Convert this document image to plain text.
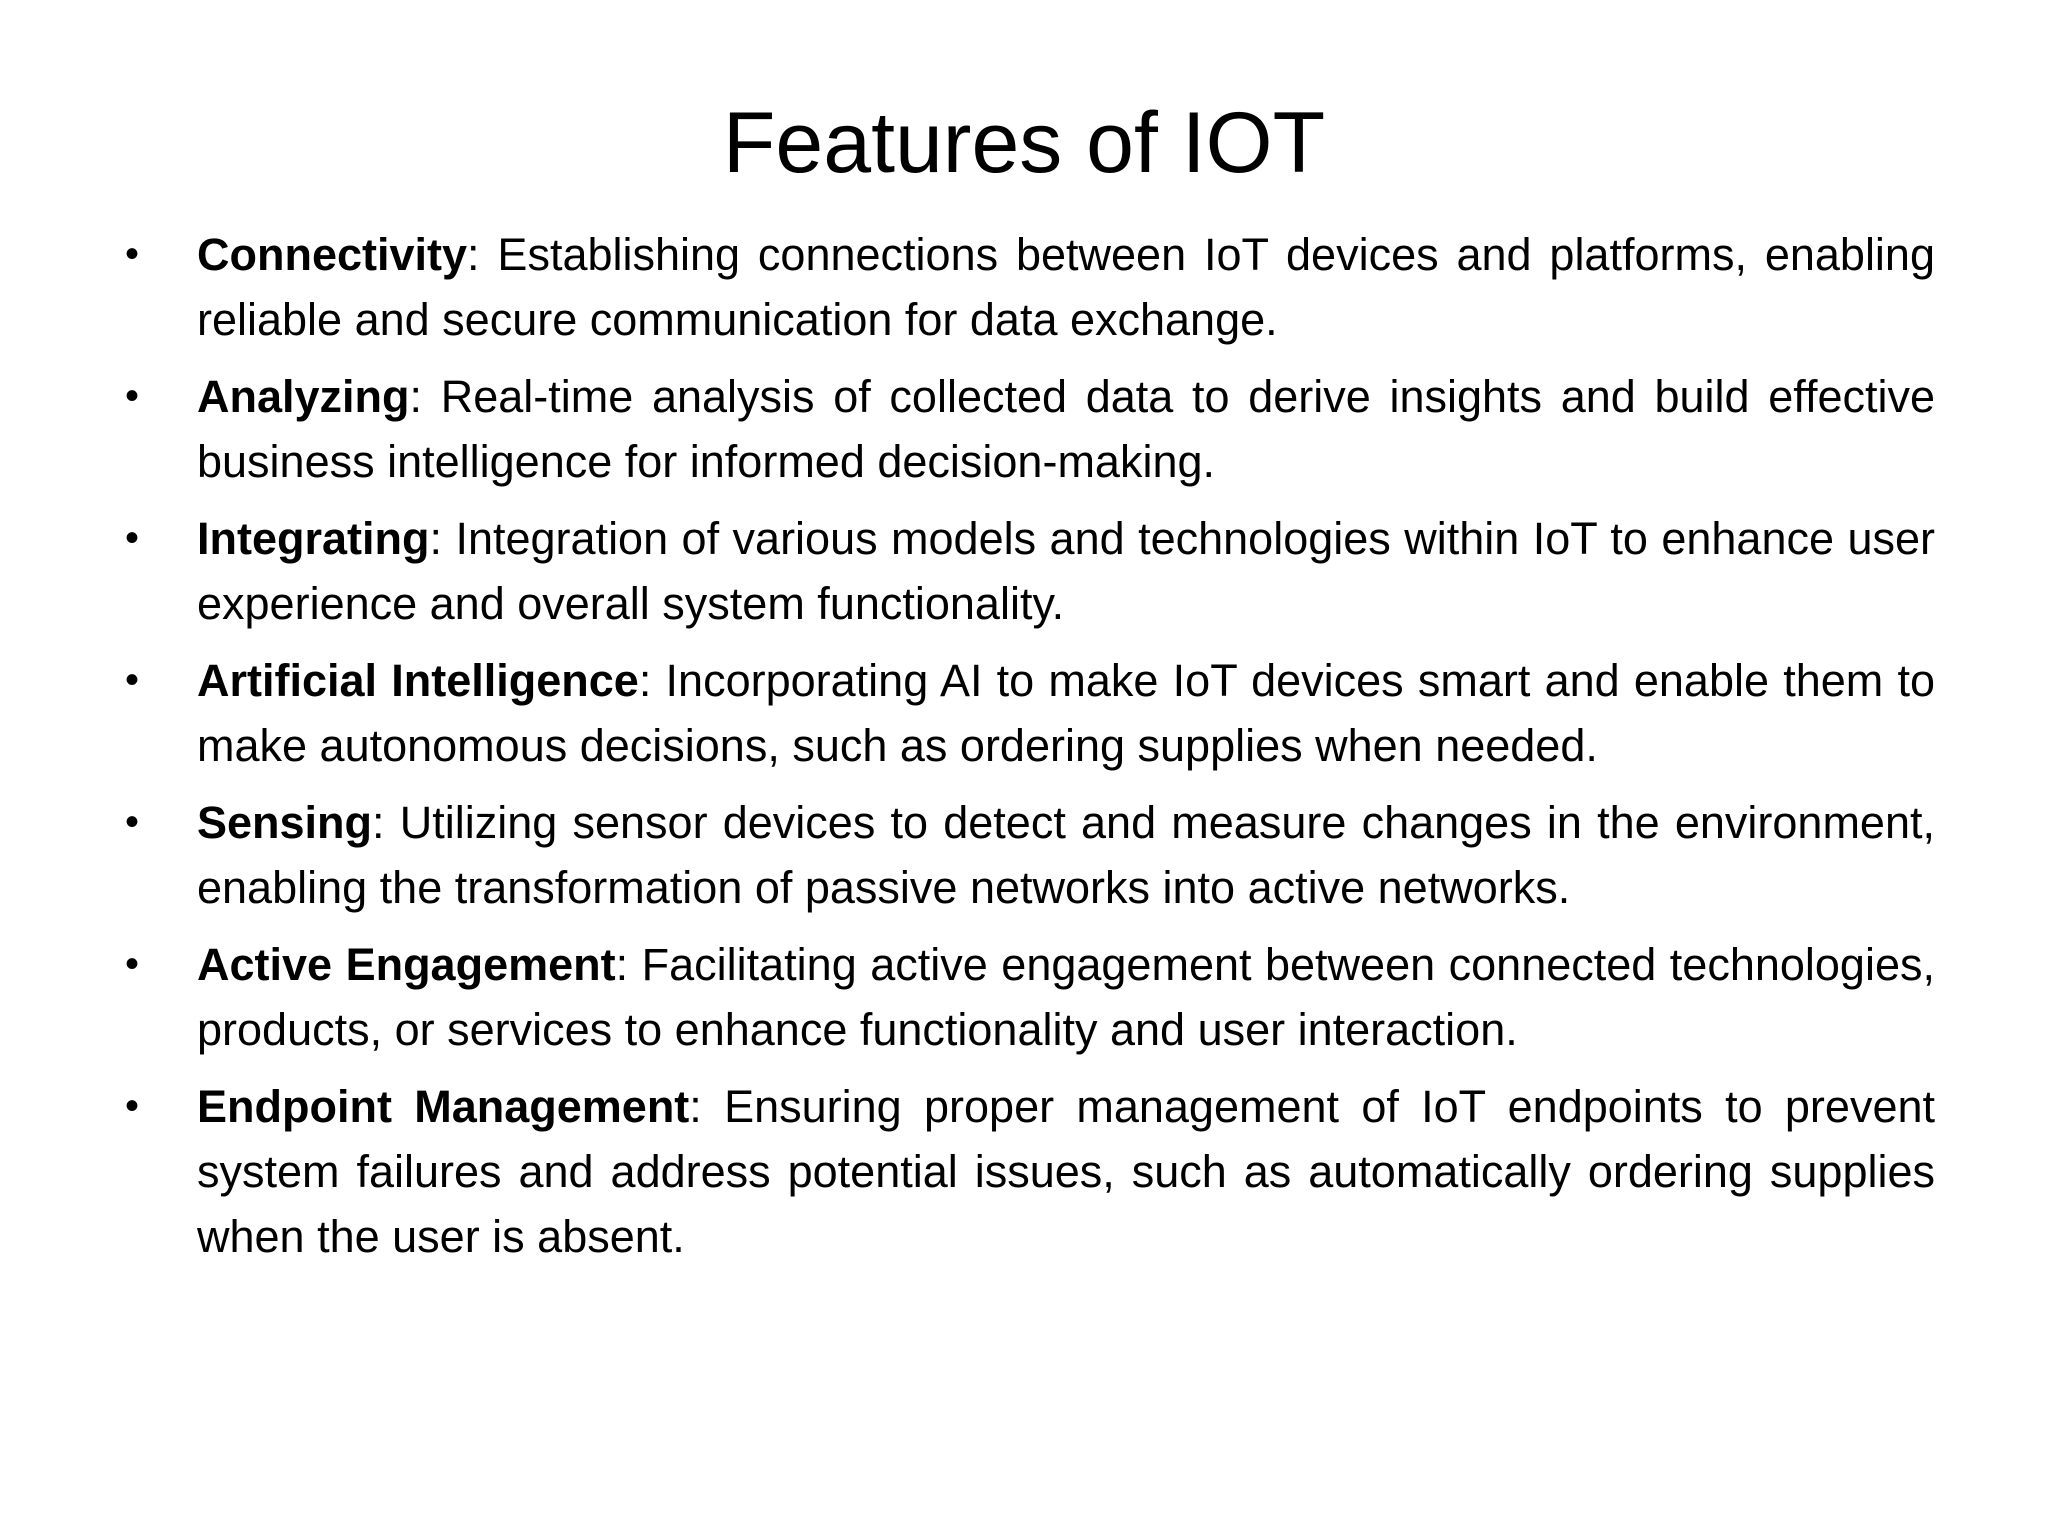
Features of IOT
•	Connectivity: Establishing connections between IoT devices and platforms, enabling reliable and secure communication for data exchange.
•	Analyzing: Real-time analysis of collected data to derive insights and build effective business intelligence for informed decision-making.
•	Integrating: Integration of various models and technologies within IoT to enhance user experience and overall system functionality.
•	Artificial Intelligence: Incorporating AI to make IoT devices smart and enable them to make autonomous decisions, such as ordering supplies when needed.
•	Sensing: Utilizing sensor devices to detect and measure changes in the environment, enabling the transformation of passive networks into active networks.
•	Active Engagement: Facilitating active engagement between connected technologies, products, or services to enhance functionality and user interaction.
•	Endpoint Management: Ensuring proper management of IoT endpoints to prevent system failures and address potential issues, such as automatically ordering supplies when the user is absent.
